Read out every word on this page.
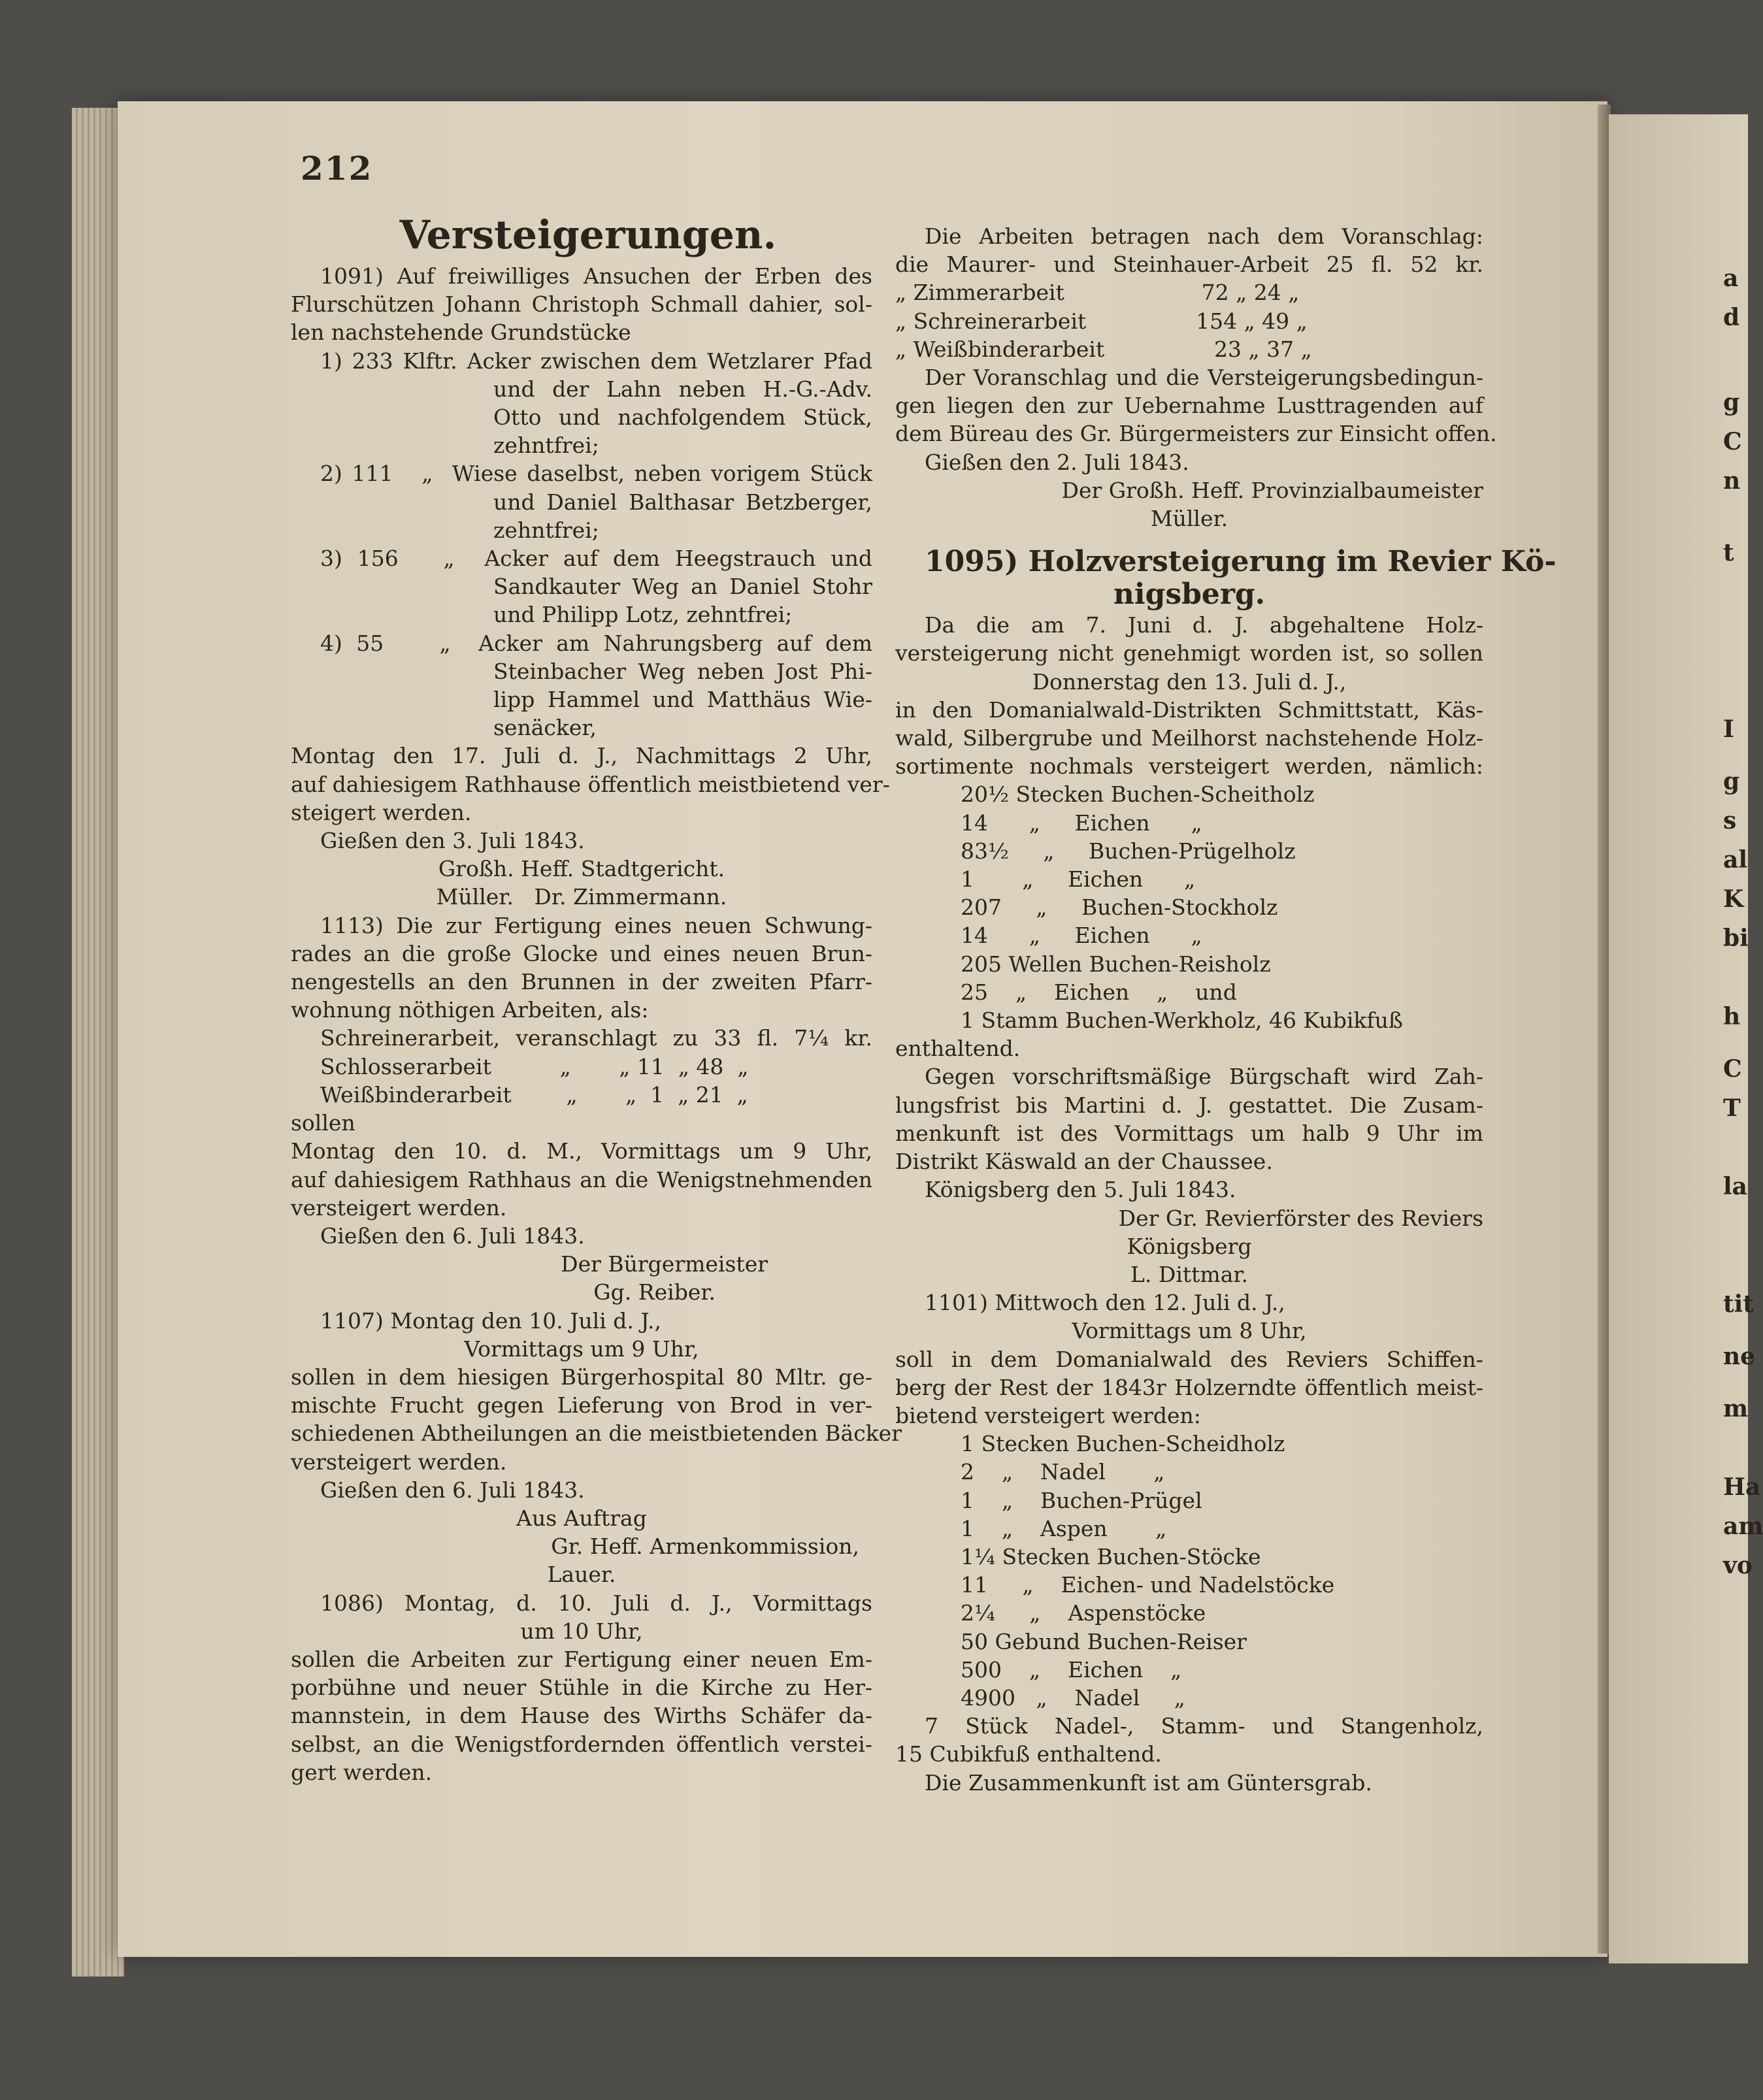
a
d
g
C
n
t
I
g
s
al
K
bi
h
C
T
la
tit
ne
m
Ha
am
vo
212
Versteigerungen.
1091) Auf freiwilliges Ansuchen der Erben des
Flurschützen Johann Christoph Schmall dahier, sol-
len nachstehende Grundstücke
1) 233 Klftr. Acker zwischen dem Wetzlarer Pfad
und der Lahn neben H.-G.-Adv.
Otto und nachfolgendem Stück,
zehntfrei;
2) 111   „  Wiese daselbst, neben vorigem Stück
und Daniel Balthasar Betzberger,
zehntfrei;
3) 156   „  Acker auf dem Heegstrauch und
Sandkauter Weg an Daniel Stohr
und Philipp Lotz, zehntfrei;
4) 55    „  Acker am Nahrungsberg auf dem
Steinbacher Weg neben Jost Phi-
lipp Hammel und Matthäus Wie-
senäcker,
Montag den 17. Juli d. J., Nachmittags 2 Uhr,
auf dahiesigem Rathhause öffentlich meistbietend ver-
steigert werden.
Gießen den 3. Juli 1843.
Großh. Heff. Stadtgericht.
Müller.   Dr. Zimmermann.
1113) Die zur Fertigung eines neuen Schwung-
rades an die große Glocke und eines neuen Brun-
nengestells an den Brunnen in der zweiten Pfarr-
wohnung nöthigen Arbeiten, als:
Schreinerarbeit, veranschlagt zu 33 fl. 7¼ kr.
Schlosserarbeit          „       „ 11  „ 48  „
Weißbinderarbeit        „       „  1  „ 21  „
sollen
Montag den 10. d. M., Vormittags um 9 Uhr,
auf dahiesigem Rathhaus an die Wenigstnehmenden
versteigert werden.
Gießen den 6. Juli 1843.
Der Bürgermeister
Gg. Reiber.
1107) Montag den 10. Juli d. J.,
Vormittags um 9 Uhr,
sollen in dem hiesigen Bürgerhospital 80 Mltr. ge-
mischte Frucht gegen Lieferung von Brod in ver-
schiedenen Abtheilungen an die meistbietenden Bäcker
versteigert werden.
Gießen den 6. Juli 1843.
Aus Auftrag
Gr. Heff. Armenkommission,
Lauer.
1086) Montag, d. 10. Juli d. J., Vormittags
um 10 Uhr,
sollen die Arbeiten zur Fertigung einer neuen Em-
porbühne und neuer Stühle in die Kirche zu Her-
mannstein, in dem Hause des Wirths Schäfer da-
selbst, an die Wenigstfordernden öffentlich verstei-
gert werden.
Die Arbeiten betragen nach dem Voranschlag:
die Maurer- und Steinhauer-Arbeit 25 fl. 52 kr.
„ Zimmerarbeit                    72 „ 24 „
„ Schreinerarbeit                154 „ 49 „
„ Weißbinderarbeit                23 „ 37 „
Der Voranschlag und die Versteigerungsbedingun-
gen liegen den zur Uebernahme Lusttragenden auf
dem Büreau des Gr. Bürgermeisters zur Einsicht offen.
Gießen den 2. Juli 1843.
Der Großh. Heff. Provinzialbaumeister
Müller.
1095) Holzversteigerung im Revier Kö-
nigsberg.
Da die am 7. Juni d. J. abgehaltene Holz-
versteigerung nicht genehmigt worden ist, so sollen
Donnerstag den 13. Juli d. J.,
in den Domanialwald-Distrikten Schmittstatt, Käs-
wald, Silbergrube und Meilhorst nachstehende Holz-
sortimente nochmals versteigert werden, nämlich:
20½ Stecken Buchen-Scheitholz
14      „     Eichen      „
83½     „     Buchen-Prügelholz
1       „     Eichen      „
207     „     Buchen-Stockholz
14      „     Eichen      „
205 Wellen Buchen-Reisholz
25    „    Eichen    „    und
1 Stamm Buchen-Werkholz, 46 Kubikfuß
enthaltend.
Gegen vorschriftsmäßige Bürgschaft wird Zah-
lungsfrist bis Martini d. J. gestattet. Die Zusam-
menkunft ist des Vormittags um halb 9 Uhr im
Distrikt Käswald an der Chaussee.
Königsberg den 5. Juli 1843.
Der Gr. Revierförster des Reviers
Königsberg
L. Dittmar.
1101) Mittwoch den 12. Juli d. J.,
Vormittags um 8 Uhr,
soll in dem Domanialwald des Reviers Schiffen-
berg der Rest der 1843r Holzerndte öffentlich meist-
bietend versteigert werden:
1 Stecken Buchen-Scheidholz
2    „    Nadel       „
1    „    Buchen-Prügel
1    „    Aspen       „
1¼ Stecken Buchen-Stöcke
11     „    Eichen- und Nadelstöcke
2¼     „    Aspenstöcke
50 Gebund Buchen-Reiser
500    „    Eichen    „
4900   „    Nadel     „
7 Stück Nadel-, Stamm- und Stangenholz,
15 Cubikfuß enthaltend.
Die Zusammenkunft ist am Güntersgrab.
